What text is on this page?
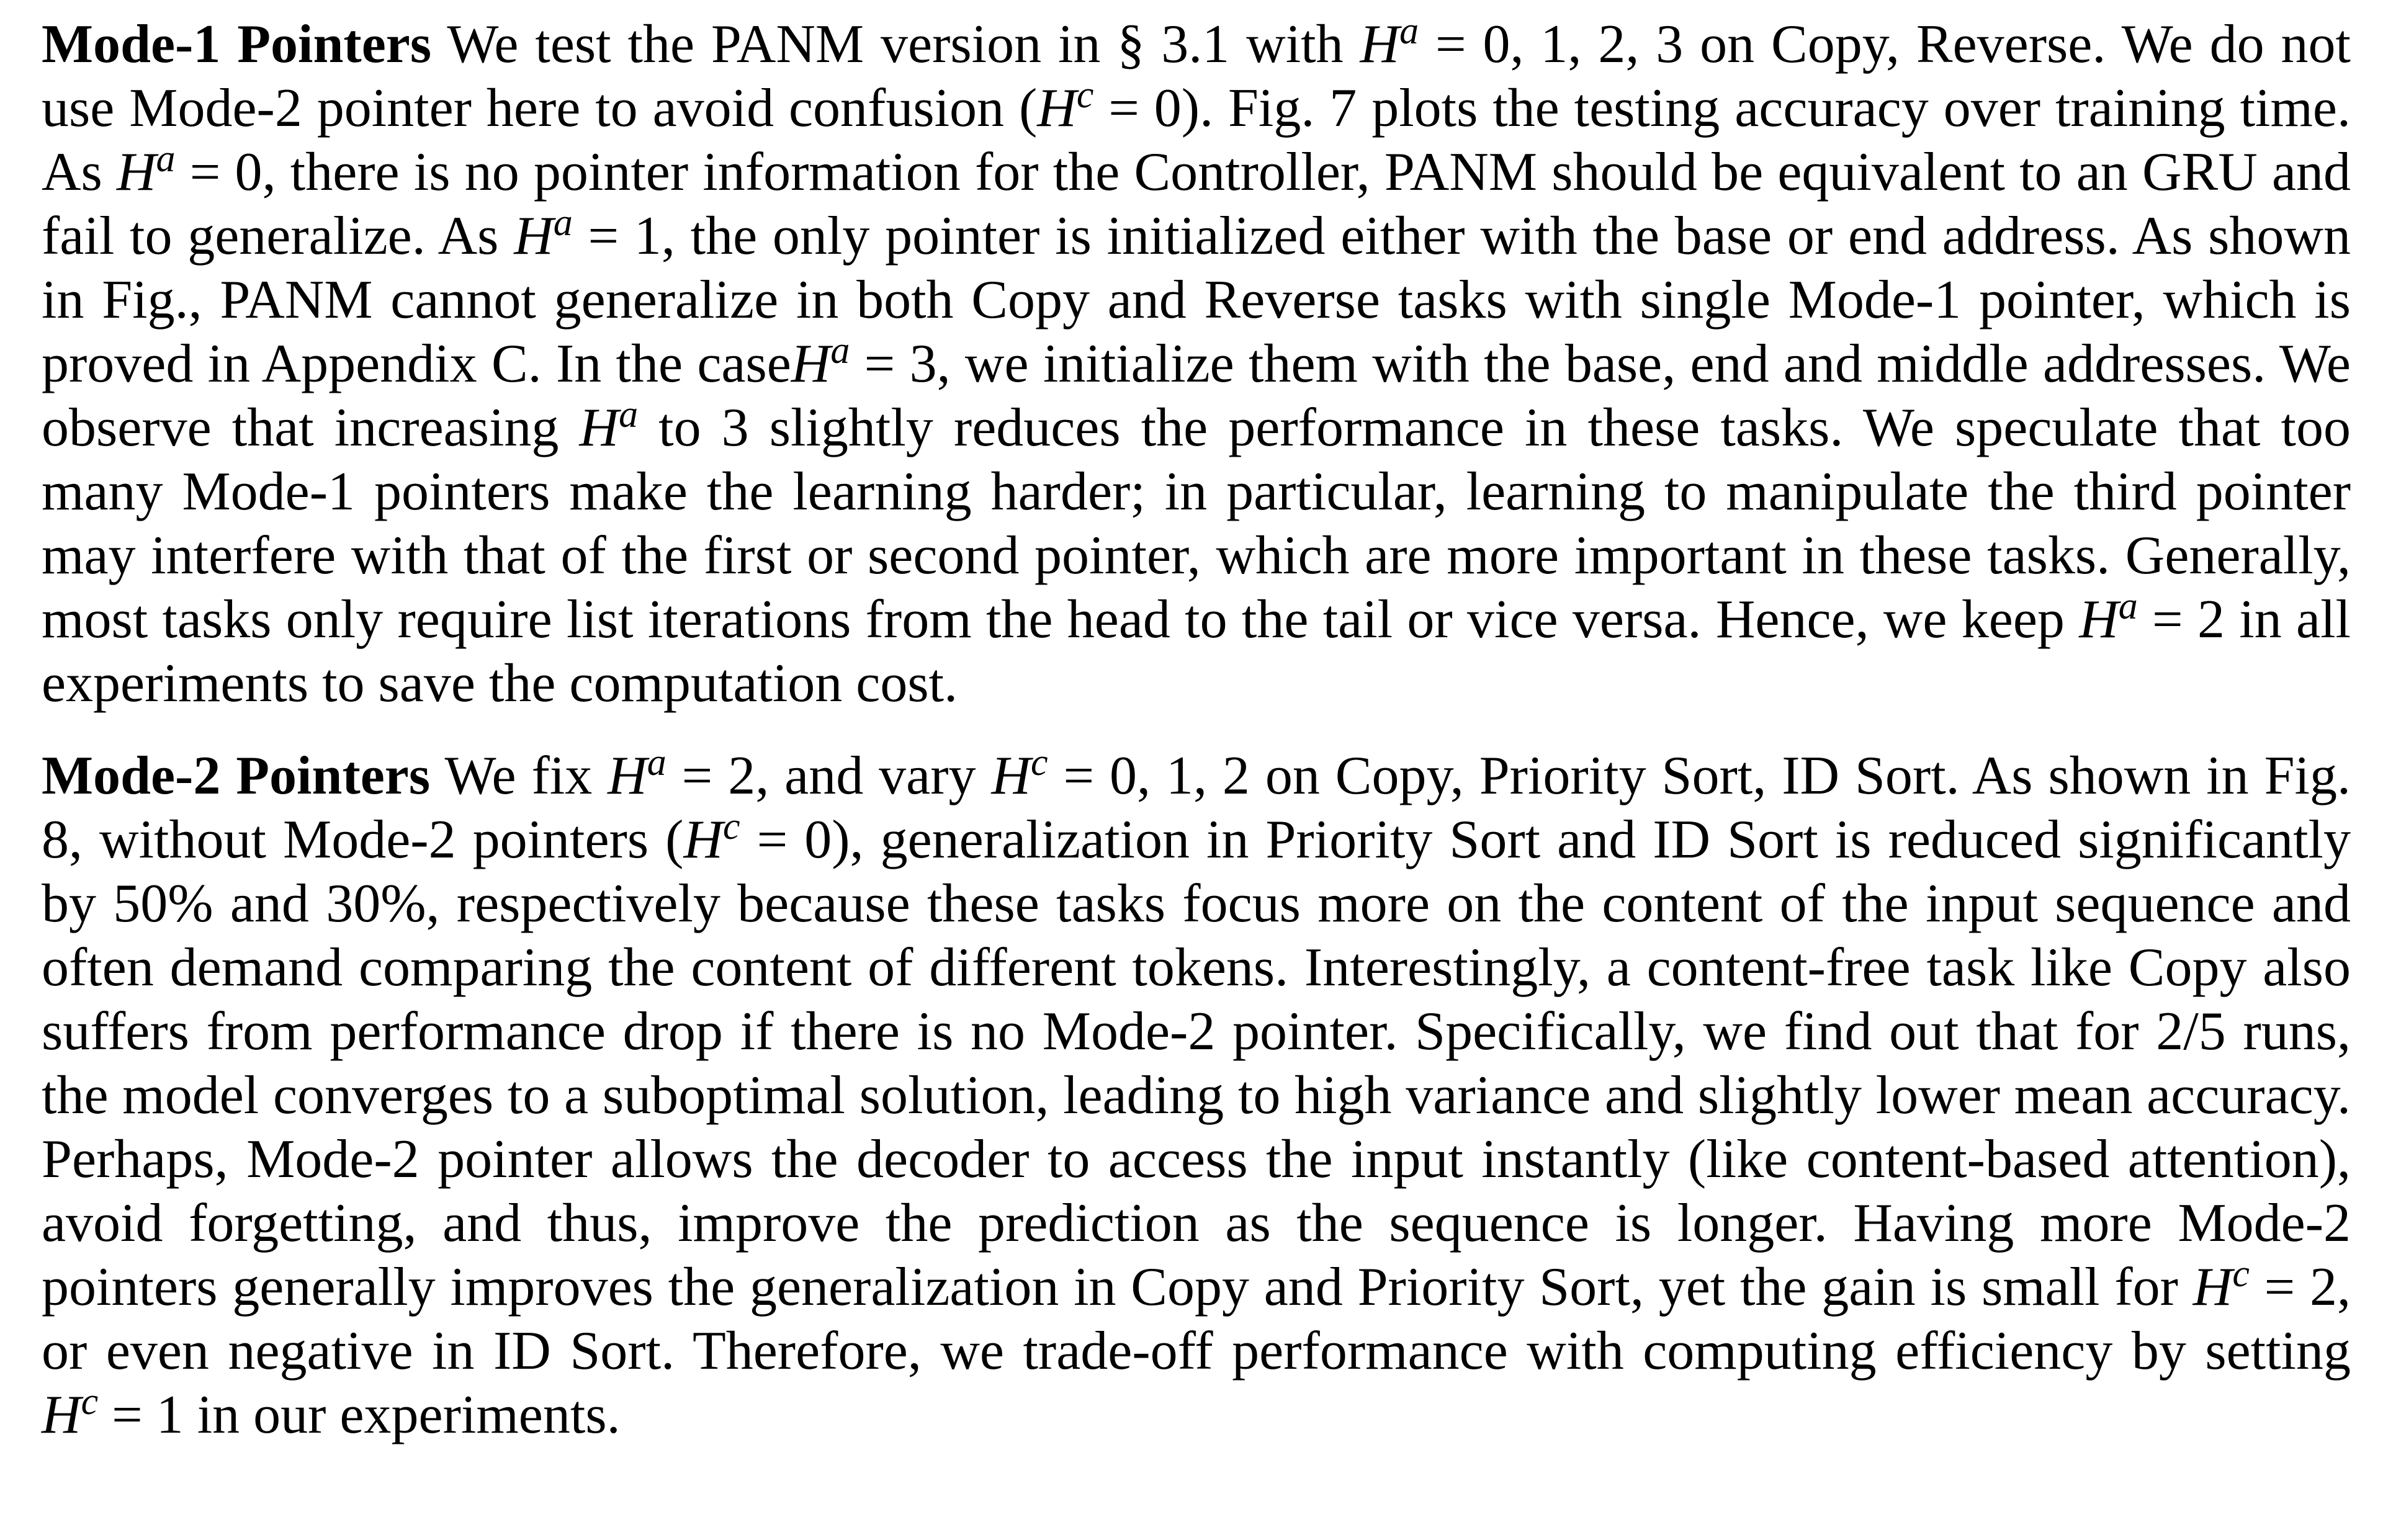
Mode-1 Pointers We test the PANM version in § 3.1 with $H^a = 0$, 1, 2, 3 on Copy, Reverse. We do not use Mode-2 pointer here to avoid confusion $(H^c = 0)$. Fig. 7 plots the testing accuracy over training time. As $H^a = 0$, there is no pointer information for the Controller, PANM should be equivalent to an GRU and fail to generalize. As $H^a = 1$, the only pointer is initialized either with the base or end address. As shown in Fig., PANM cannot generalize in both Copy and Reverse tasks with single Mode-1 pointer, which is proved in Appendix C. In the caseH$^a$ = 3, we initialize them with the base, end and middle addresses. We observe that increasing $H^a$ to 3 slightly reduces the performance in these tasks. We speculate that too many Mode-1 pointers make the learning harder; in particular, learning to manipulate the third pointer may interfere with that of the first or second pointer, which are more important in these tasks. Generally, most tasks only require list iterations from the head to the tail or vice versa. Hence, we keep $H^a = 2$ in all experiments to save the computation cost.

Mode-2 Pointers We fix $H^a = 2$, and vary $H^c = 0$, 1, 2 on Copy, Priority Sort, ID Sort. As shown in Fig. 8, without Mode-2 pointers $(H^c = 0)$, generalization in Priority Sort and ID Sort is reduced significantly by 50% and 30%, respectively because these tasks focus more on the content of the input sequence and often demand comparing the content of different tokens. Interestingly, a content-free task like Copy also suffers from performance drop if there is no Mode-2 pointer. Specifically, we find out that for 2/5 runs, the model converges to a suboptimal solution, leading to high variance and slightly lower mean accuracy. Perhaps, Mode-2 pointer allows the decoder to access the input instantly (like content-based attention), avoid forgetting, and thus, improve the prediction as the sequence is longer. Having more Mode-2 pointers generally improves the generalization in Copy and Priority Sort, yet the gain is small for $H^c = 2$, or even negative in ID Sort. Therefore, we trade-off performance with computing efficiency by setting $H^c = 1$ in our experiments.
